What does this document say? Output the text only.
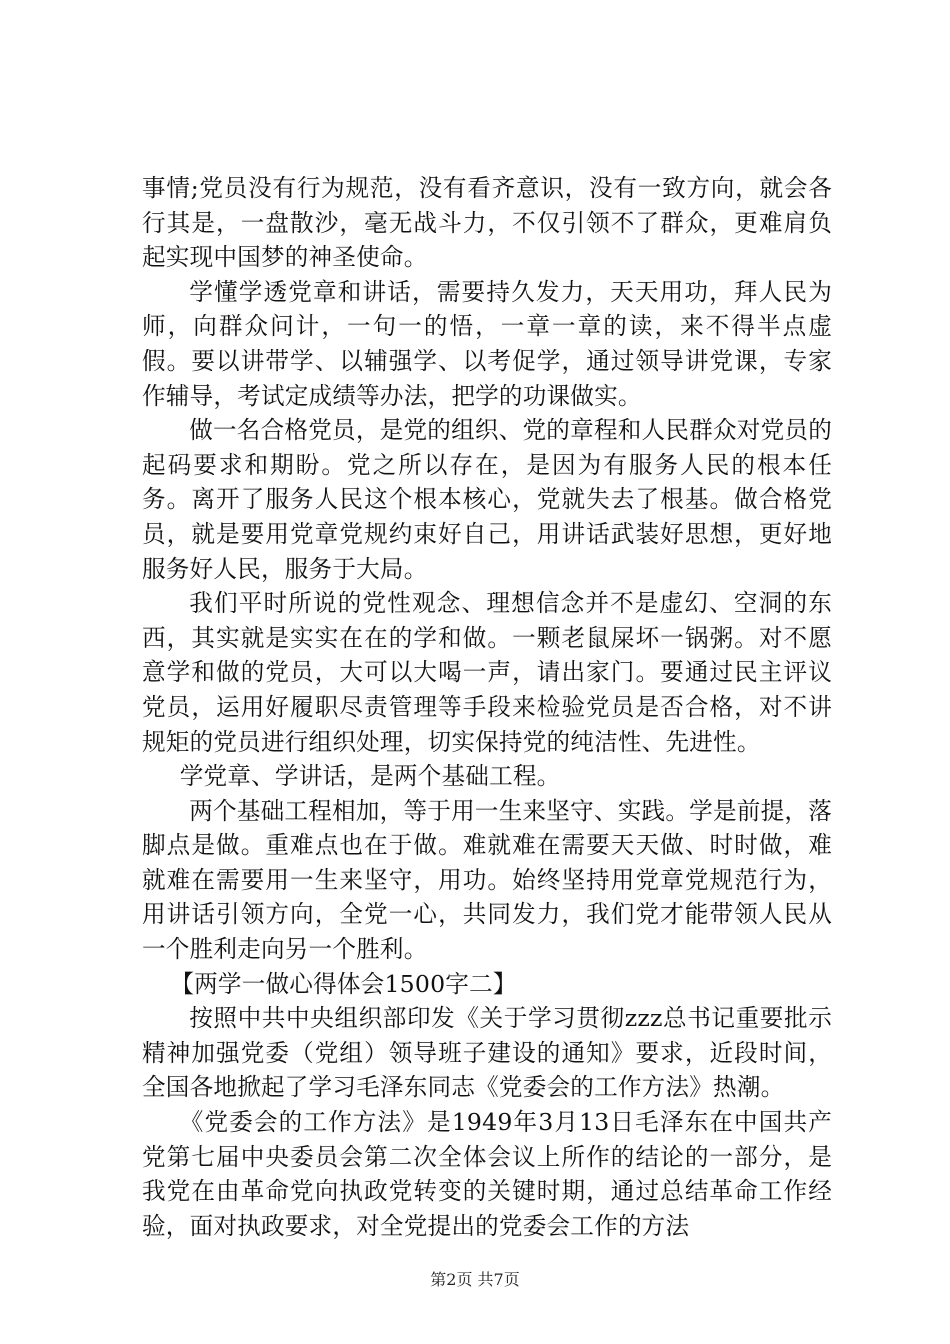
事情;党员没有行为规范，没有看齐意识，没有一致方向，就会各行其是，一盘散沙，毫无战斗力，不仅引领不了群众，更难肩负起实现中国梦的神圣使命。

学懂学透党章和讲话，需要持久发力，天天用功，拜人民为师，向群众问计，一句一的悟，一章一章的读，来不得半点虚假。要以讲带学、以辅强学、以考促学，通过领导讲党课，专家作辅导，考试定成绩等办法，把学的功课做实。

做一名合格党员，是党的组织、党的章程和人民群众对党员的起码要求和期盼。党之所以存在，是因为有服务人民的根本任务。离开了服务人民这个根本核心，党就失去了根基。做合格党员，就是要用党章党规约束好自己，用讲话武装好思想，更好地服务好人民，服务于大局。

我们平时所说的党性观念、理想信念并不是虚幻、空洞的东西，其实就是实实在在的学和做。一颗老鼠屎坏一锅粥。对不愿意学和做的党员，大可以大喝一声，请出家门。要通过民主评议党员，运用好履职尽责管理等手段来检验党员是否合格，对不讲规矩的党员进行组织处理，切实保持党的纯洁性、先进性。

学党章、学讲话，是两个基础工程。

两个基础工程相加，等于用一生来坚守、实践。学是前提，落脚点是做。重难点也在于做。难就难在需要天天做、时时做，难就难在需要用一生来坚守，用功。始终坚持用党章党规范行为，用讲话引领方向，全党一心，共同发力，我们党才能带领人民从一个胜利走向另一个胜利。

【两学一做心得体会1500字二】

按照中共中央组织部印发《关于学习贯彻zzz总书记重要批示精神加强党委（党组）领导班子建设的通知》要求，近段时间，全国各地掀起了学习毛泽东同志《党委会的工作方法》热潮。

《党委会的工作方法》是1949年3月13日毛泽东在中国共产党第七届中央委员会第二次全体会议上所作的结论的一部分，是我党在由革命党向执政党转变的关键时期，通过总结革命工作经验，面对执政要求，对全党提出的党委会工作的方法

第2页 共7页
